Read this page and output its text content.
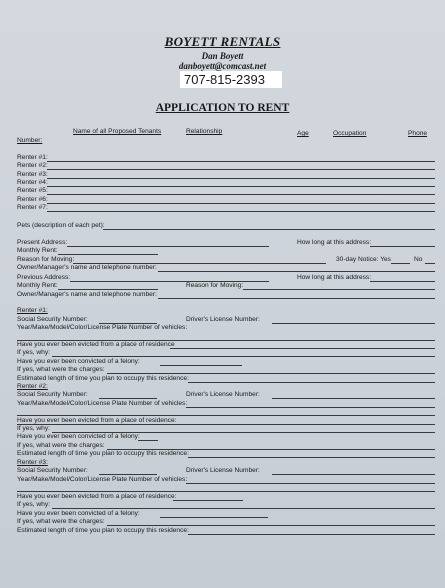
BOYETT RENTALS
Dan Boyett
danboyett@comcast.net
707-815-2393
APPLICATION TO RENT
Name of all Proposed Tenants	Relationship	Age	Occupation	Phone
Number:
Renter #1:
Renter #2:
Renter #3:
Renter #4:
Renter #5:
Renter #6:
Renter #7:
Pets (description of each pet):
Present Address:	How long at this address:
Monthly Rent:
Reason for Moving:	30-day Notice: Yes	No
Owner/Manager's name and telephone number:
Previous Address:	How long at this address:
Monthly Rent:	Reason for Moving:
Owner/Manager's name and telephone number:
Renter #1:
Social Security Number:	Driver's License Number:
Year/Make/Model/Color/License Plate Number of vehicles:
Have you ever been evicted from a place of residence
If yes, why:
Have you ever been convicted of a felony:
If yes, what were the charges:
Estimated length of time you plan to occupy this residence:
Renter #2:
Social Security Number:	Driver's License Number:
Year/Make/Model/Color/License Plate Number of vehicles:
Have you ever been evicted from a place of residence:
If yes, why:
Have you ever been convicted of a felony:
If yes, what were the charges:
Estimated length of time you plan to occupy this residence:
Renter #3:
Social Security Number:	Driver's License Number:
Year/Make/Model/Color/License Plate Number of vehicles:
Have you ever been evicted from a place of residence:
If yes, why:
Have you ever been convicted of a felony:
If yes, what were the charges:
Estimated length of time you plan to occupy this residence:
